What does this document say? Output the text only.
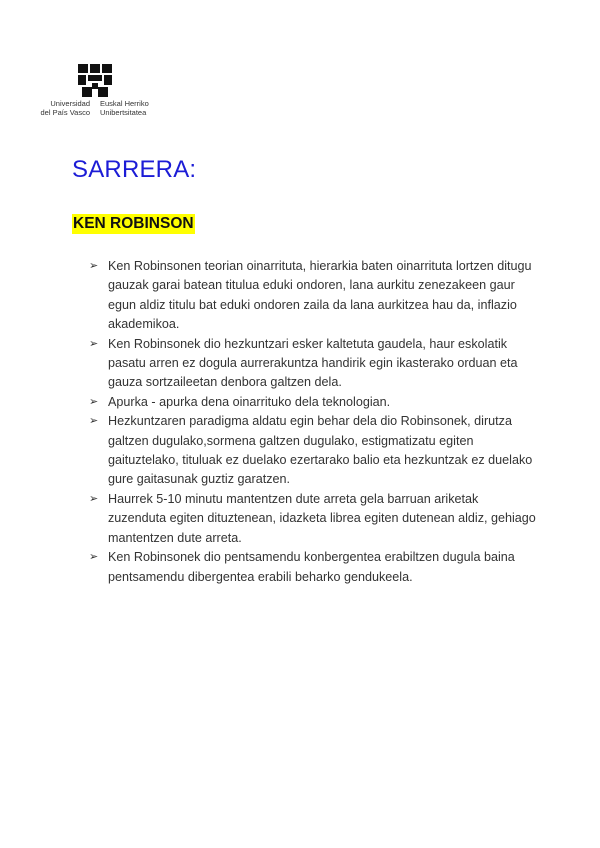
Universidad
del País Vasco
Euskal Herriko
Unibertsitatea
SARRERA:
KEN ROBINSON
➢ Ken Robinsonen teorian oinarrituta, hierarkia baten oinarrituta lortzen ditugu gauzak garai batean titulua eduki ondoren, lana aurkitu zenezakeen gaur egun aldiz titulu bat eduki ondoren zaila da lana aurkitzea hau da, inflazio akademikoa.
➢ Ken Robinsonek dio hezkuntzari esker kaltetuta gaudela, haur eskolatik pasatu arren ez dogula aurrerakuntza handirik egin ikasterako orduan eta gauza sortzaileetan denbora galtzen dela.
➢ Apurka - apurka dena oinarrituko dela teknologian.
➢ Hezkuntzaren paradigma aldatu egin behar dela dio Robinsonek, dirutza galtzen dugulako,sormena galtzen dugulako, estigmatizatu egiten gaituztelako, tituluak ez duelako ezertarako balio eta hezkuntzak ez duelako gure gaitasunak guztiz garatzen.
➢ Haurrek 5-10 minutu mantentzen dute arreta gela barruan ariketak zuzenduta egiten dituztenean, idazketa librea egiten dutenean aldiz, gehiago mantentzen dute arreta.
➢ Ken Robinsonek dio pentsamendu konbergentea erabiltzen dugula baina pentsamendu dibergentea erabili beharko gendukeela.
